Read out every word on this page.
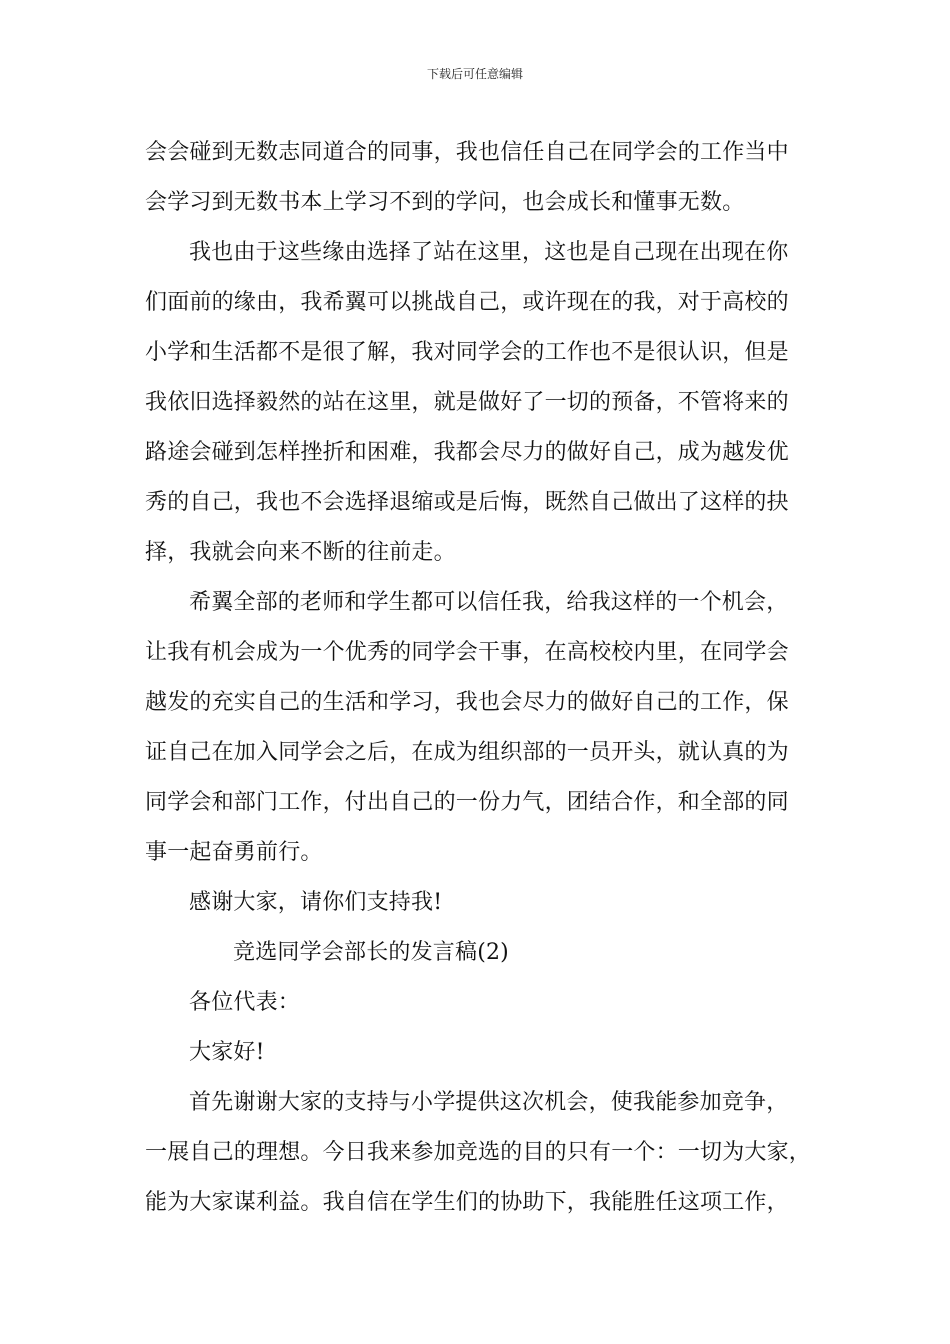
下载后可任意编辑
会会碰到无数志同道合的同事，我也信任自己在同学会的工作当中
会学习到无数书本上学习不到的学问，也会成长和懂事无数。
我也由于这些缘由选择了站在这里，这也是自己现在出现在你
们面前的缘由，我希翼可以挑战自己，或许现在的我，对于高校的
小学和生活都不是很了解，我对同学会的工作也不是很认识，但是
我依旧选择毅然的站在这里，就是做好了一切的预备，不管将来的
路途会碰到怎样挫折和困难，我都会尽力的做好自己，成为越发优
秀的自己，我也不会选择退缩或是后悔，既然自己做出了这样的抉
择，我就会向来不断的往前走。
希翼全部的老师和学生都可以信任我，给我这样的一个机会，
让我有机会成为一个优秀的同学会干事，在高校校内里，在同学会
越发的充实自己的生活和学习，我也会尽力的做好自己的工作，保
证自己在加入同学会之后，在成为组织部的一员开头，就认真的为
同学会和部门工作，付出自己的一份力气，团结合作，和全部的同
事一起奋勇前行。
感谢大家，请你们支持我!
竞选同学会部长的发言稿(2)
各位代表：
大家好!
首先谢谢大家的支持与小学提供这次机会，使我能参加竞争，
一展自己的理想。今日我来参加竞选的目的只有一个：一切为大家，
能为大家谋利益。我自信在学生们的协助下，我能胜任这项工作，
